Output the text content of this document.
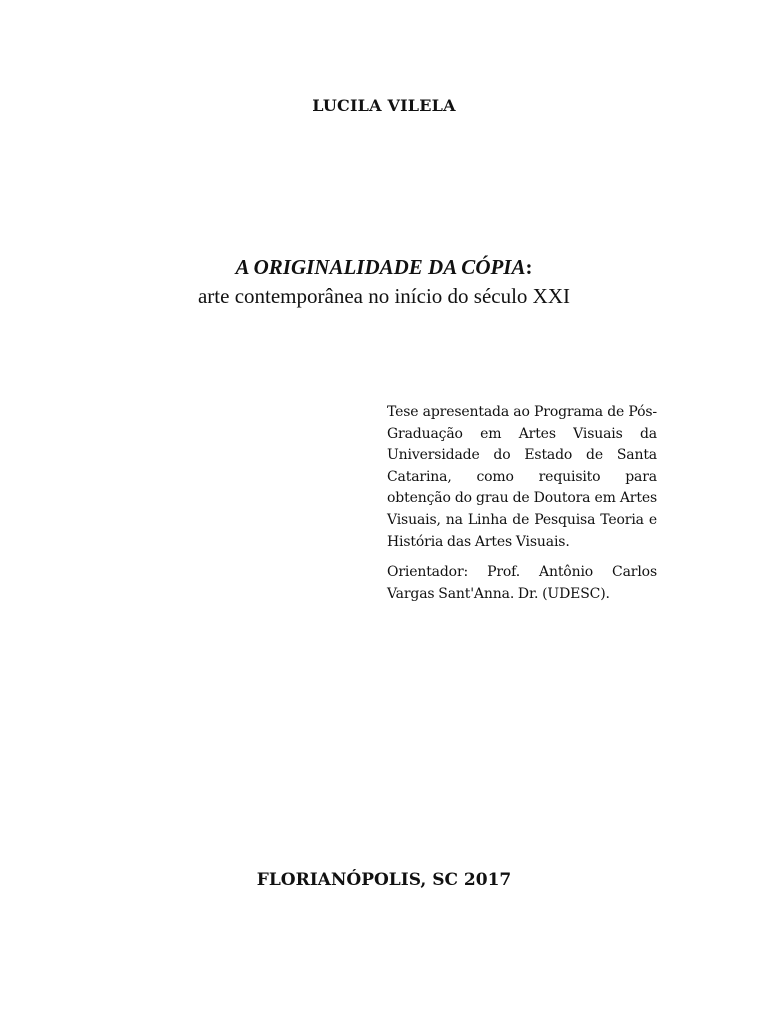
LUCILA VILELA
A ORIGINALIDADE DA CÓPIA:
arte contemporânea no início do século XXI

Tese apresentada ao Programa de Pós- Graduação em Artes Visuais da Universidade do Estado de Santa Catarina, como requisito para obtenção do grau de Doutora em Artes Visuais, na Linha de Pesquisa Teoria e História das Artes Visuais.

Orientador: Prof. Antônio Carlos Vargas Sant'Anna. Dr. (UDESC).

FLORIANÓPOLIS, SC 2017
